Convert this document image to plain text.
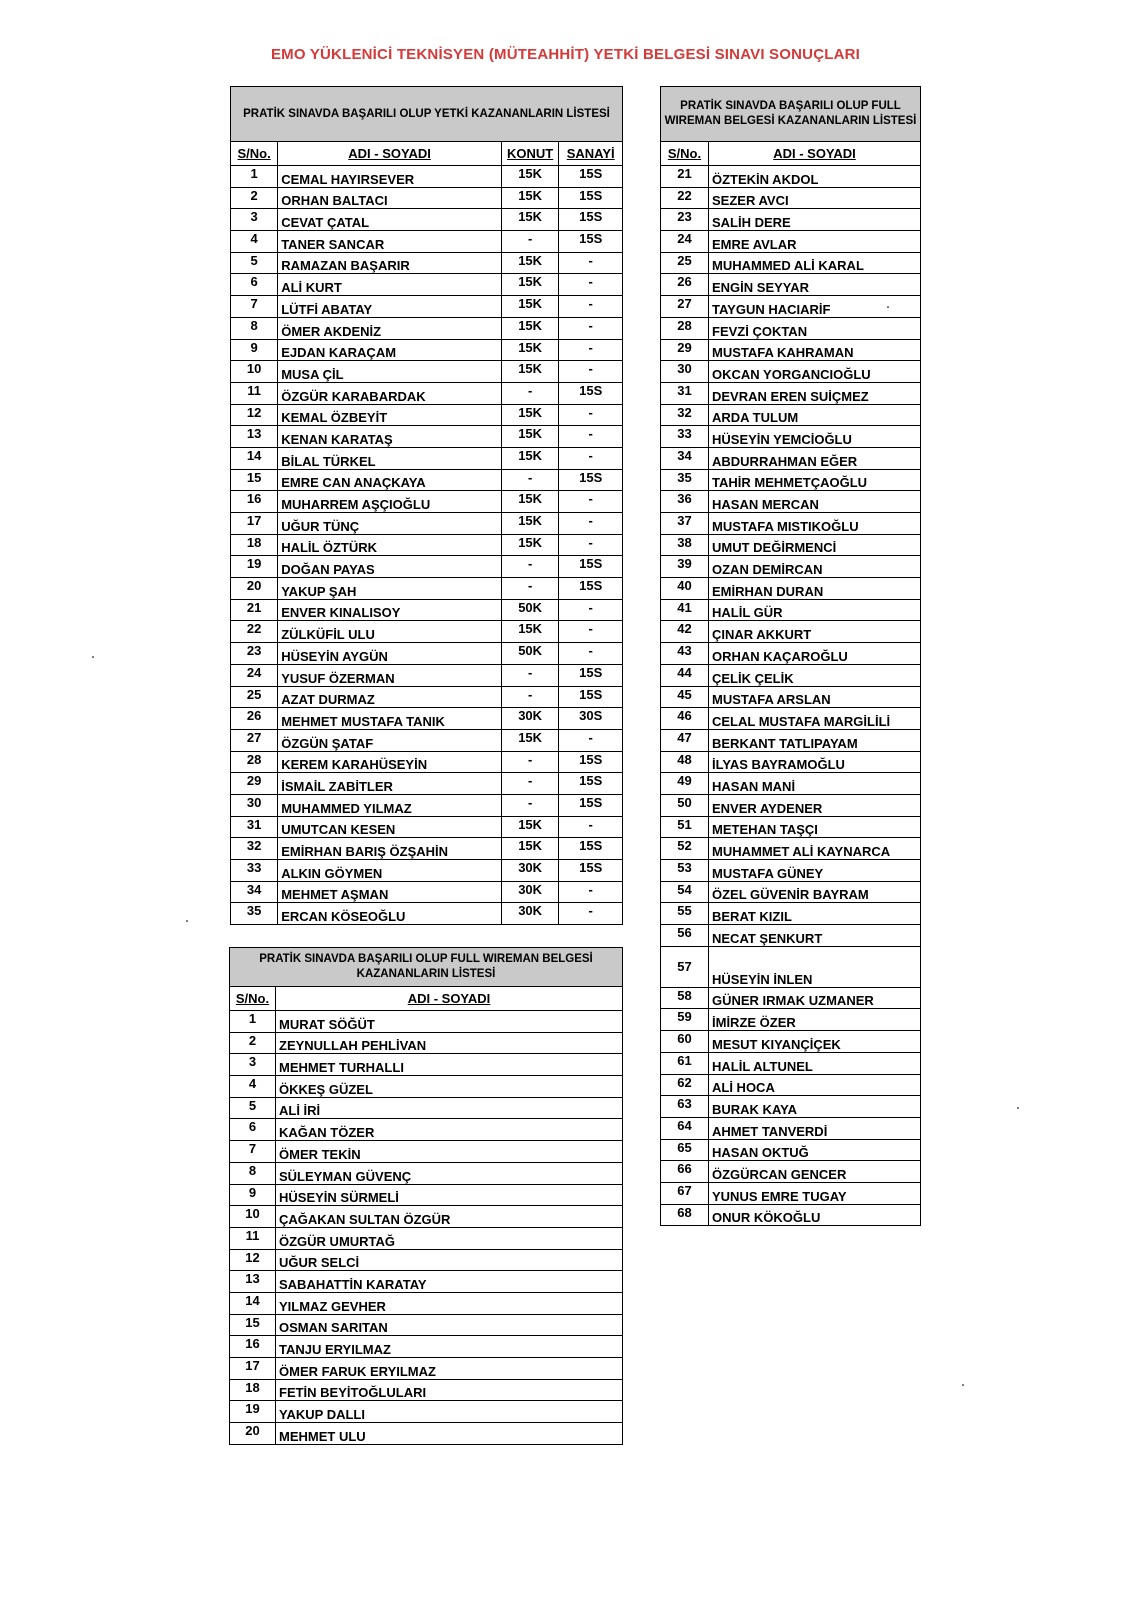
EMO YÜKLENİCİ TEKNİSYEN (MÜTEAHHİT) YETKİ BELGESİ SINAVI SONUÇLARI
PRATİK SINAVDA BAŞARILI OLUP YETKİ KAZANANLARIN LİSTESİ			
S/No.	ADI - SOYADI	KONUT	SANAYİ
1	CEMAL HAYIRSEVER	15K	15S
2	ORHAN BALTACI	15K	15S
3	CEVAT ÇATAL	15K	15S
4	TANER SANCAR	-	15S
5	RAMAZAN BAŞARIR	15K	-
6	ALİ KURT	15K	-
7	LÜTFİ ABATAY	15K	-
8	ÖMER AKDENİZ	15K	-
9	EJDAN KARAÇAM	15K	-
10	MUSA ÇİL	15K	-
11	ÖZGÜR KARABARDAK	-	15S
12	KEMAL ÖZBEYİT	15K	-
13	KENAN KARATAŞ	15K	-
14	BİLAL TÜRKEL	15K	-
15	EMRE CAN ANAÇKAYA	-	15S
16	MUHARREM AŞÇIOĞLU	15K	-
17	UĞUR TÜNÇ	15K	-
18	HALİL ÖZTÜRK	15K	-
19	DOĞAN PAYAS	-	15S
20	YAKUP ŞAH	-	15S
21	ENVER KINALISOY	50K	-
22	ZÜLKÜFİL ULU	15K	-
23	HÜSEYİN AYGÜN	50K	-
24	YUSUF ÖZERMAN	-	15S
25	AZAT DURMAZ	-	15S
26	MEHMET MUSTAFA TANIK	30K	30S
27	ÖZGÜN ŞATAF	15K	-
28	KEREM KARAHÜSEYİN	-	15S
29	İSMAİL ZABİTLER	-	15S
30	MUHAMMED YILMAZ	-	15S
31	UMUTCAN KESEN	15K	-
32	EMİRHAN BARIŞ ÖZŞAHİN	15K	15S
33	ALKIN GÖYMEN	30K	15S
34	MEHMET AŞMAN	30K	-
35	ERCAN KÖSEOĞLU	30K	-
PRATİK SINAVDA BAŞARILI OLUP FULL WIREMAN BELGESİ KAZANANLARIN LİSTESİ	
S/No.	ADI - SOYADI
21	ÖZTEKİN AKDOL
22	SEZER AVCI
23	SALİH DERE
24	EMRE AVLAR
25	MUHAMMED ALİ KARAL
26	ENGİN SEYYAR
27	TAYGUN HACIARİF
28	FEVZİ ÇOKTAN
29	MUSTAFA KAHRAMAN
30	OKCAN YORGANCIOĞLU
31	DEVRAN EREN SUİÇMEZ
32	ARDA TULUM
33	HÜSEYİN YEMCİOĞLU
34	ABDURRAHMAN EĞER
35	TAHİR MEHMETÇAOĞLU
36	HASAN MERCAN
37	MUSTAFA MISTIKOĞLU
38	UMUT DEĞİRMENCİ
39	OZAN DEMİRCAN
40	EMİRHAN DURAN
41	HALİL GÜR
42	ÇINAR AKKURT
43	ORHAN KAÇAROĞLU
44	ÇELİK ÇELİK
45	MUSTAFA ARSLAN
46	CELAL MUSTAFA MARGİLİLİ
47	BERKANT TATLIPAYAM
48	İLYAS BAYRAMOĞLU
49	HASAN MANİ
50	ENVER AYDENER
51	METEHAN TAŞÇI
52	MUHAMMET ALİ KAYNARCA
53	MUSTAFA GÜNEY
54	ÖZEL GÜVENİR BAYRAM
55	BERAT KIZIL
56	NECAT ŞENKURT
57	HÜSEYİN İNLEN
58	GÜNER IRMAK UZMANER
59	İMİRZE ÖZER
60	MESUT KIYANÇİÇEK
61	HALİL ALTUNEL
62	ALİ HOCA
63	BURAK KAYA
64	AHMET TANVERDİ
65	HASAN OKTUĞ
66	ÖZGÜRCAN GENCER
67	YUNUS EMRE TUGAY
68	ONUR KÖKOĞLU
PRATİK SINAVDA BAŞARILI OLUP FULL WIREMAN BELGESİ KAZANANLARIN LİSTESİ	
S/No.	ADI - SOYADI
1	MURAT SÖĞÜT
2	ZEYNULLAH PEHLİVAN
3	MEHMET TURHALLI
4	ÖKKEŞ GÜZEL
5	ALİ İRİ
6	KAĞAN TÖZER
7	ÖMER TEKİN
8	SÜLEYMAN GÜVENÇ
9	HÜSEYİN SÜRMELİ
10	ÇAĞAKAN SULTAN ÖZGÜR
11	ÖZGÜR UMURTAĞ
12	UĞUR SELCİ
13	SABAHATTİN KARATAY
14	YILMAZ GEVHER
15	OSMAN SARITAN
16	TANJU ERYILMAZ
17	ÖMER FARUK ERYILMAZ
18	FETİN BEYİTOĞLULARI
19	YAKUP DALLI
20	MEHMET ULU
